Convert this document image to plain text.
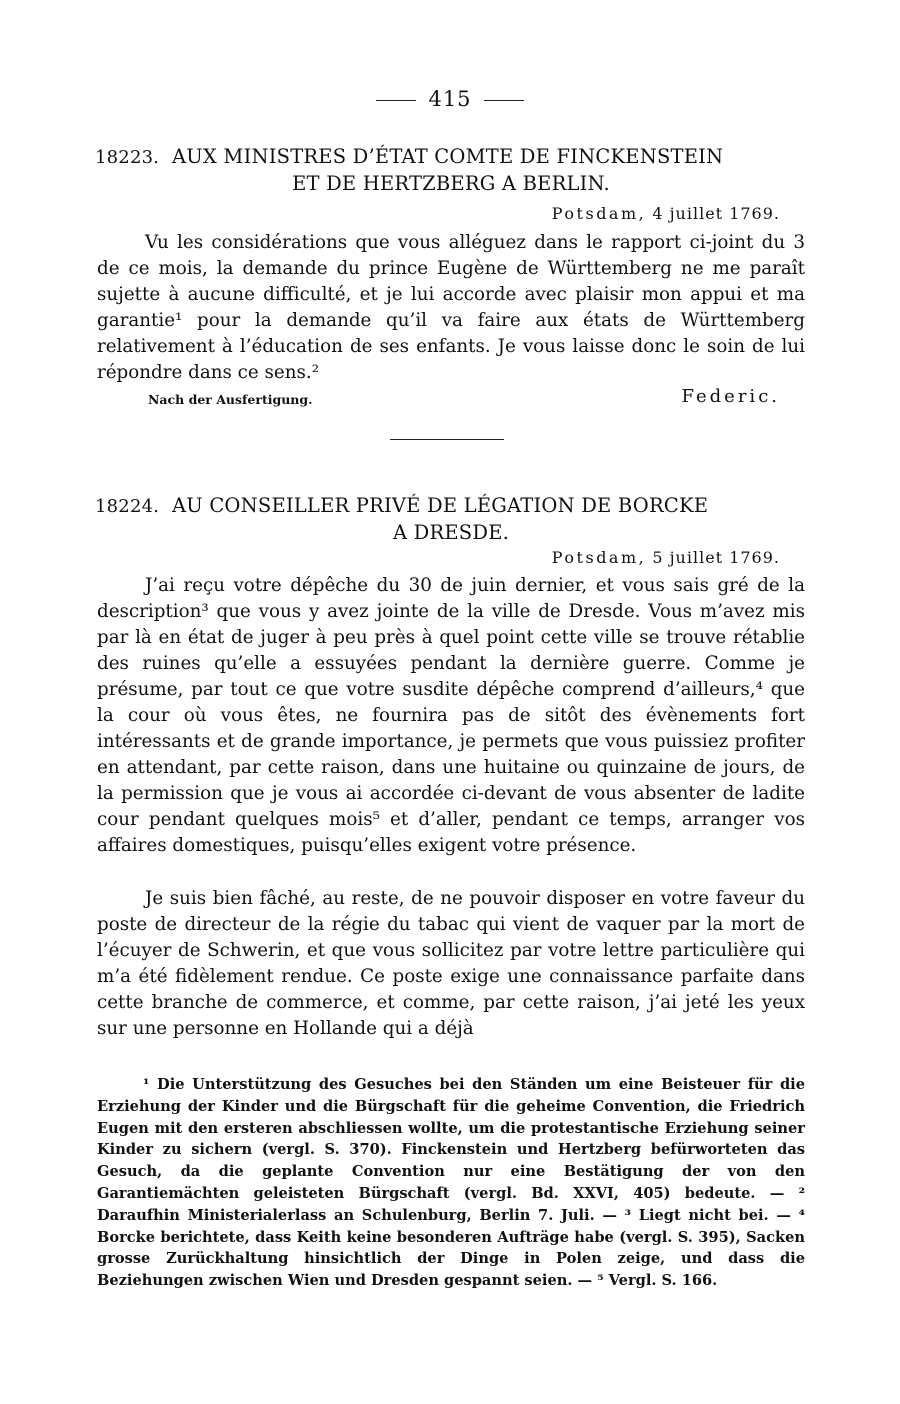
415
18223. AUX MINISTRES D’ÉTAT COMTE DE FINCKENSTEIN
ET DE HERTZBERG A BERLIN.
Potsdam, 4 juillet 1769.
Vu les considérations que vous alléguez dans le rapport ci-joint du 3 de ce mois, la demande du prince Eugène de Württemberg ne me paraît sujette à aucune difficulté, et je lui accorde avec plaisir mon appui et ma garantie¹ pour la demande qu’il va faire aux états de Württemberg relativement à l’éducation de ses enfants. Je vous laisse donc le soin de lui répondre dans ce sens.²
Nach der Ausfertigung.	Federic.
18224. AU CONSEILLER PRIVÉ DE LÉGATION DE BORCKE
A DRESDE.
Potsdam, 5 juillet 1769.
J’ai reçu votre dépêche du 30 de juin dernier, et vous sais gré de la description³ que vous y avez jointe de la ville de Dresde. Vous m’avez mis par là en état de juger à peu près à quel point cette ville se trouve rétablie des ruines qu’elle a essuyées pendant la dernière guerre. Comme je présume, par tout ce que votre susdite dépêche comprend d’ailleurs,⁴ que la cour où vous êtes, ne fournira pas de sitôt des évènements fort intéressants et de grande importance, je permets que vous puissiez profiter en attendant, par cette raison, dans une huitaine ou quinzaine de jours, de la permission que je vous ai accordée ci-devant de vous absenter de ladite cour pendant quelques mois⁵ et d’aller, pendant ce temps, arranger vos affaires domestiques, puisqu’elles exigent votre présence.
Je suis bien fâché, au reste, de ne pouvoir disposer en votre faveur du poste de directeur de la régie du tabac qui vient de vaquer par la mort de l’écuyer de Schwerin, et que vous sollicitez par votre lettre particulière qui m’a été fidèlement rendue. Ce poste exige une connaissance parfaite dans cette branche de commerce, et comme, par cette raison, j’ai jeté les yeux sur une personne en Hollande qui a déjà
¹ Die Unterstützung des Gesuches bei den Ständen um eine Beisteuer für die Erziehung der Kinder und die Bürgschaft für die geheime Convention, die Friedrich Eugen mit den ersteren abschliessen wollte, um die protestantische Erziehung seiner Kinder zu sichern (vergl. S. 370). Finckenstein und Hertzberg befürworteten das Gesuch, da die geplante Convention nur eine Bestätigung der von den Garantiemächten geleisteten Bürgschaft (vergl. Bd. XXVI, 405) bedeute. — ² Daraufhin Ministerialerlass an Schulenburg, Berlin 7. Juli. — ³ Liegt nicht bei. — ⁴ Borcke berichtete, dass Keith keine besonderen Aufträge habe (vergl. S. 395), Sacken grosse Zurückhaltung hinsichtlich der Dinge in Polen zeige, und dass die Beziehungen zwischen Wien und Dresden gespannt seien. — ⁵ Vergl. S. 166.
